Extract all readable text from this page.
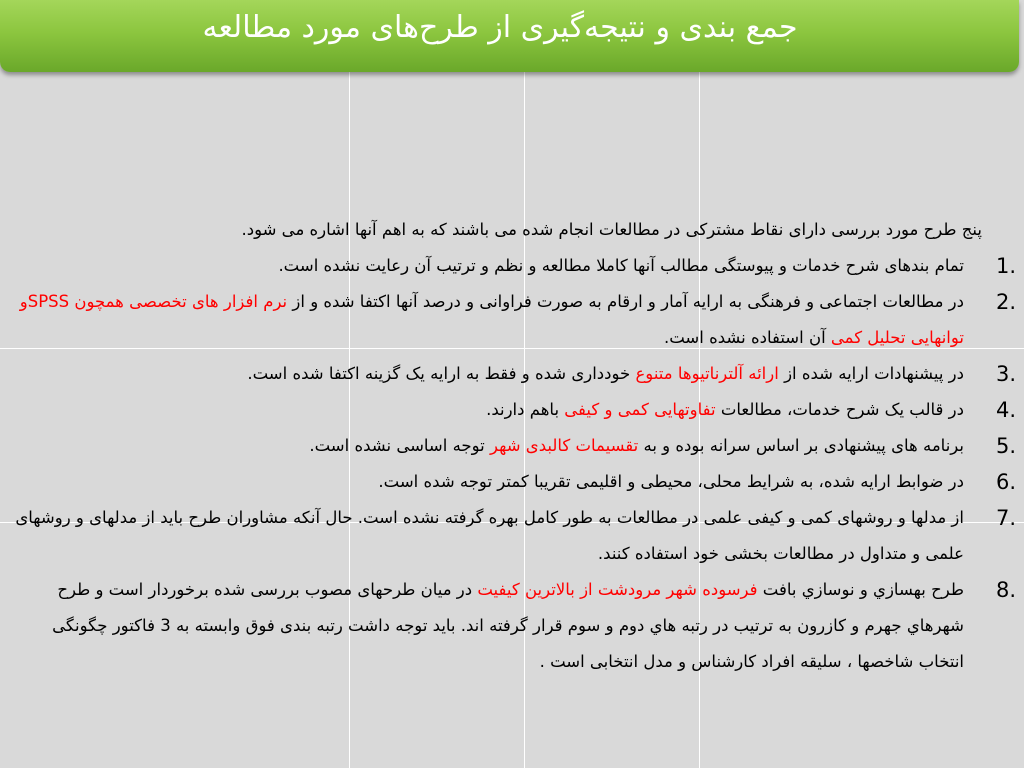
جمع بندی و نتیجه‌گیری از طرح‌های مورد مطالعه
پنج طرح مورد بررسی دارای نقاط مشترکی در مطالعات انجام شده می باشند که به اهم آنها اشاره می شود.
1.
تمام بندهای شرح خدمات و پیوستگی مطالب آنها کاملا مطالعه و نظم و ترتیب آن رعایت نشده است.
2.
در مطالعات اجتماعی و فرهنگی به ارایه آمار و ارقام به صورت فراوانی و درصد آنها اکتفا شده و از نرم افزار های تخصصی همچون SPSSو توانهایی تحلیل کمی آن استفاده نشده است.
3.
در پیشنهادات ارایه شده از ارائه آلترناتیوها متنوع خودداری شده و فقط به ارایه یک گزینه اکتفا شده است.
4.
در قالب یک شرح خدمات، مطالعات تفاوتهایی کمی و کیفی باهم دارند.
5.
برنامه های پیشنهادی بر اساس سرانه بوده و به تقسیمات کالبدی شهر توجه اساسی نشده است.
6.
در ضوابط ارایه شده، به شرایط محلی، محیطی و اقلیمی تقریبا کمتر توجه شده است.
7.
از مدلها و روشهای کمی و کیفی علمی در مطالعات به طور کامل بهره گرفته نشده است. حال آنکه مشاوران طرح باید از مدلهای و روشهای علمی و متداول در مطالعات بخشی خود استفاده کنند.
8.
طرح بهسازي و نوسازي بافت فرسوده شهر مرودشت از بالاترین کیفیت در میان طرحهای مصوب بررسی شده برخوردار است و طرح شهرهاي جهرم و کازرون به ترتيب در رتبه هاي دوم و سوم قرار گرفته اند. باید توجه داشت رتبه بندی فوق وابسته به 3 فاکتور چگونگی انتخاب شاخصها ، سلیقه افراد کارشناس و مدل انتخابی است .
